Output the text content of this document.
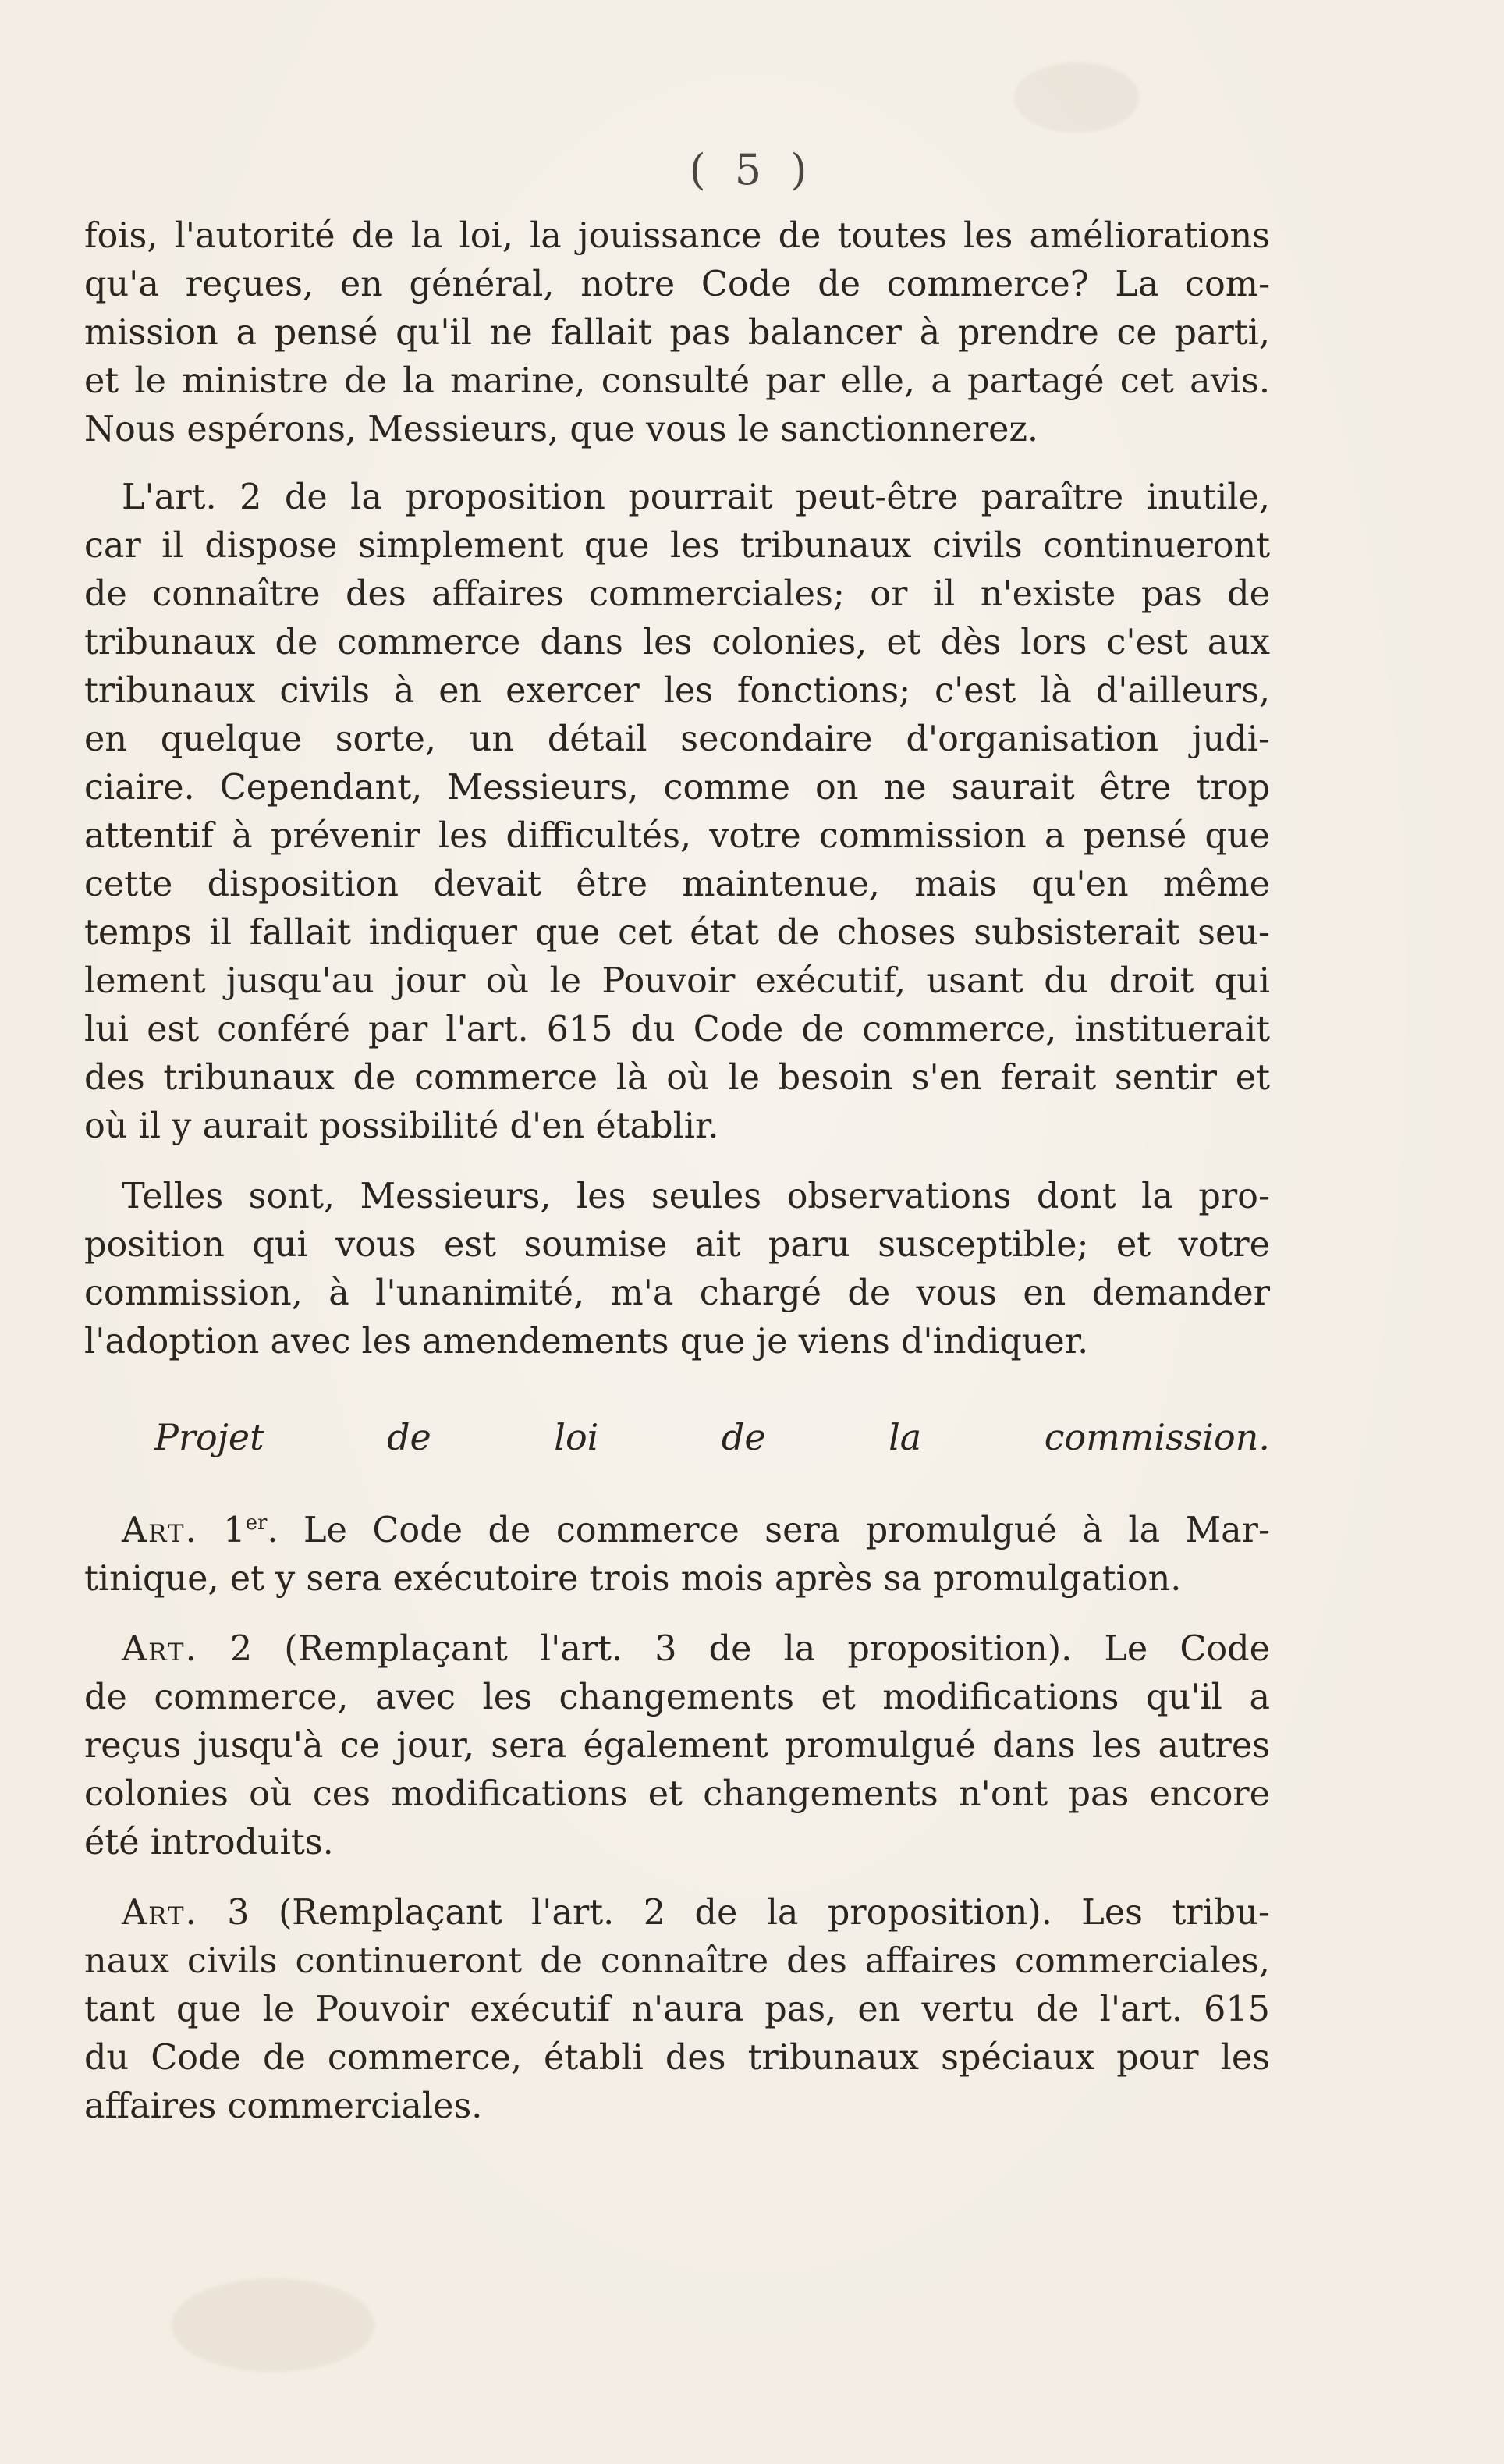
( 5 )
fois, l'autorité de la loi, la jouissance de toutes les améliorations
qu'a reçues, en général, notre Code de commerce? La com-
mission a pensé qu'il ne fallait pas balancer à prendre ce parti,
et le ministre de la marine, consulté par elle, a partagé cet avis.
Nous espérons, Messieurs, que vous le sanctionnerez.
L'art. 2 de la proposition pourrait peut-être paraître inutile,
car il dispose simplement que les tribunaux civils continueront
de connaître des affaires commerciales; or il n'existe pas de
tribunaux de commerce dans les colonies, et dès lors c'est aux
tribunaux civils à en exercer les fonctions; c'est là d'ailleurs,
en quelque sorte, un détail secondaire d'organisation judi-
ciaire. Cependant, Messieurs, comme on ne saurait être trop
attentif à prévenir les difficultés, votre commission a pensé que
cette disposition devait être maintenue, mais qu'en même
temps il fallait indiquer que cet état de choses subsisterait seu-
lement jusqu'au jour où le Pouvoir exécutif, usant du droit qui
lui est conféré par l'art. 615 du Code de commerce, instituerait
des tribunaux de commerce là où le besoin s'en ferait sentir et
où il y aurait possibilité d'en établir.
Telles sont, Messieurs, les seules observations dont la pro-
position qui vous est soumise ait paru susceptible; et votre
commission, à l'unanimité, m'a chargé de vous en demander
l'adoption avec les amendements que je viens d'indiquer.
Projet de loi de la commission.
Art. 1er. Le Code de commerce sera promulgué à la Mar-
tinique, et y sera exécutoire trois mois après sa promulgation.
Art. 2 (Remplaçant l'art. 3 de la proposition). Le Code
de commerce, avec les changements et modifications qu'il a
reçus jusqu'à ce jour, sera également promulgué dans les autres
colonies où ces modifications et changements n'ont pas encore
été introduits.
Art. 3 (Remplaçant l'art. 2 de la proposition). Les tribu-
naux civils continueront de connaître des affaires commerciales,
tant que le Pouvoir exécutif n'aura pas, en vertu de l'art. 615
du Code de commerce, établi des tribunaux spéciaux pour les
affaires commerciales.
